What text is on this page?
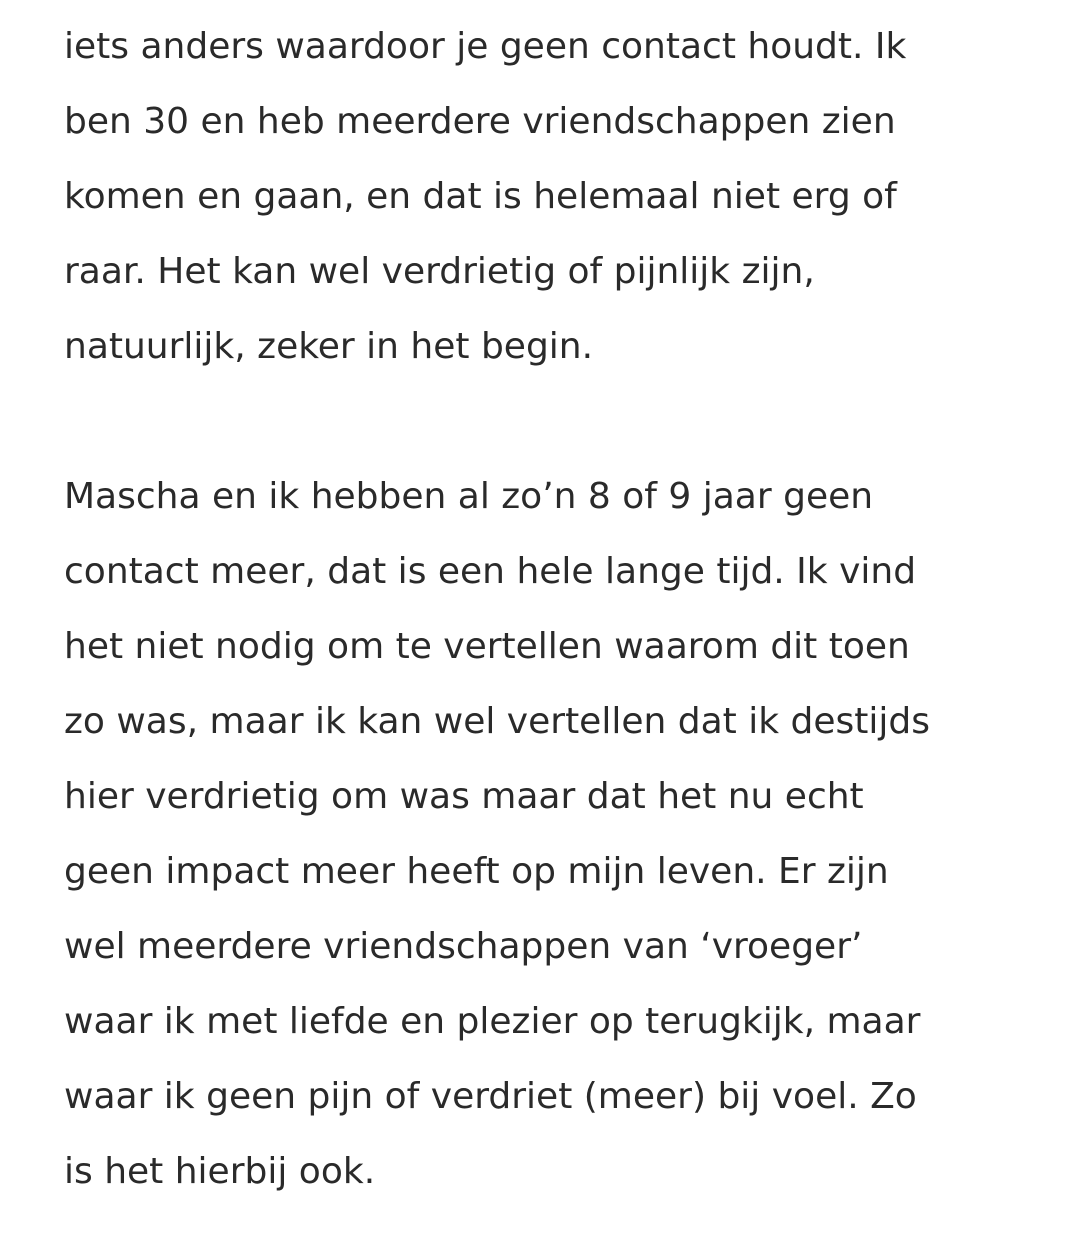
iets anders waardoor je geen contact houdt. Ik
ben 30 en heb meerdere vriendschappen zien
komen en gaan, en dat is helemaal niet erg of
raar. Het kan wel verdrietig of pijnlijk zijn,
natuurlijk, zeker in het begin.

Mascha en ik hebben al zo’n 8 of 9 jaar geen
contact meer, dat is een hele lange tijd. Ik vind
het niet nodig om te vertellen waarom dit toen
zo was, maar ik kan wel vertellen dat ik destijds
hier verdrietig om was maar dat het nu echt
geen impact meer heeft op mijn leven. Er zijn
wel meerdere vriendschappen van ‘vroeger’
waar ik met liefde en plezier op terugkijk, maar
waar ik geen pijn of verdriet (meer) bij voel. Zo
is het hierbij ook.
